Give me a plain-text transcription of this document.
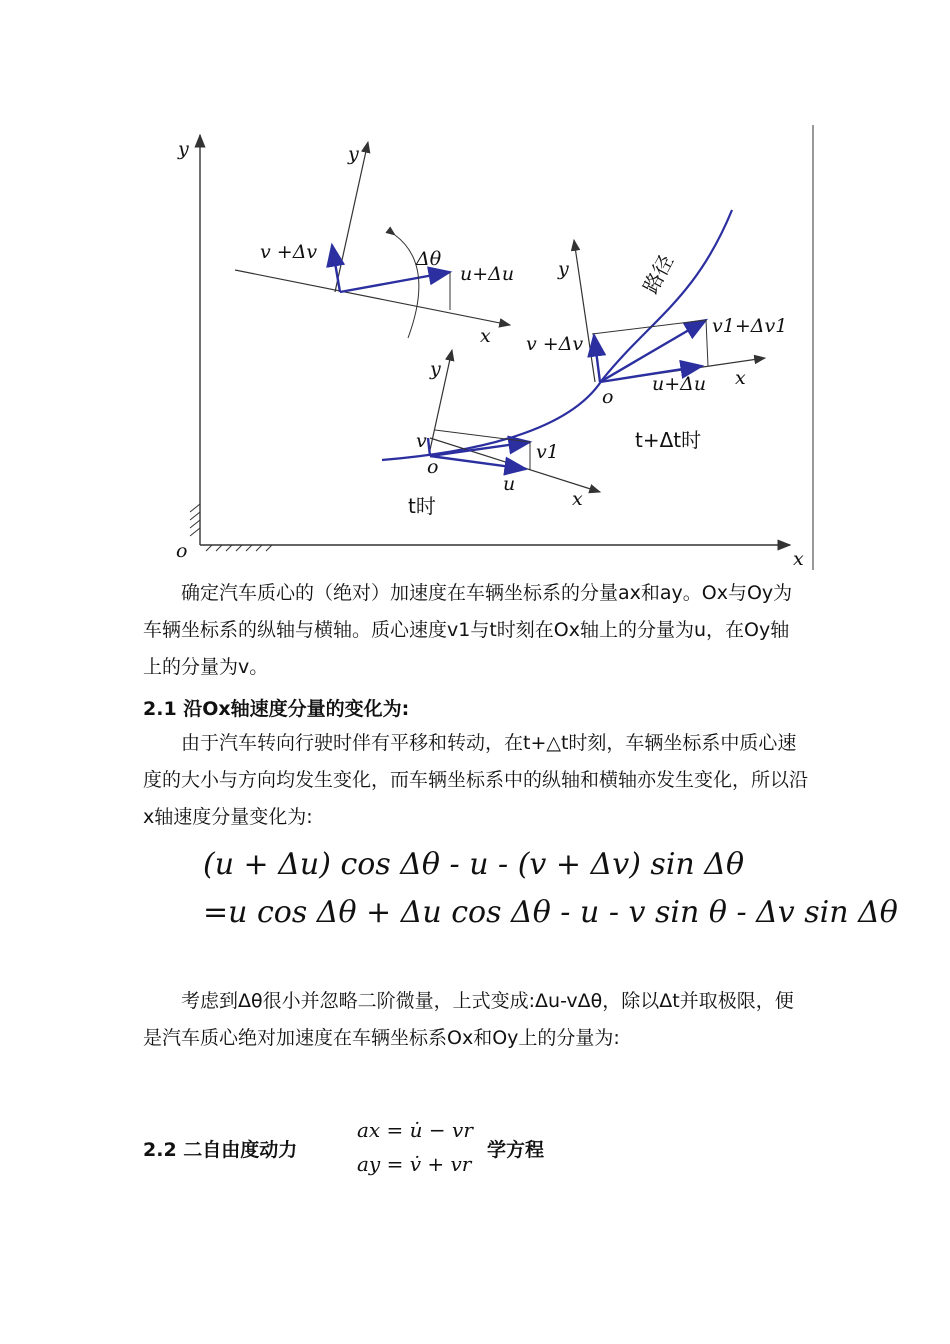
y
x
o
y
x
v +Δv
u+Δu
Δθ	路径
y
x
v
o
v1
u
t时
y
x
o
v +Δv
v1+Δv1
u+Δu
t+Δt时

确定汽车质心的（绝对）加速度在车辆坐标系的分量ax和ay。Ox与Oy为车辆坐标系的纵轴与横轴。质心速度v1与t时刻在Ox轴上的分量为u，在Oy轴上的分量为v。

2.1 沿Ox轴速度分量的变化为:

由于汽车转向行驶时伴有平移和转动，在t+△t时刻，车辆坐标系中质心速度的大小与方向均发生变化，而车辆坐标系中的纵轴和横轴亦发生变化，所以沿x轴速度分量变化为:

(u + Δu) cos Δθ - u - (v + Δv) sin Δθ
=u cos Δθ + Δu cos Δθ - u - v sin θ - Δv sin Δθ

考虑到Δθ很小并忽略二阶微量，上式变成:Δu-vΔθ，除以Δt并取极限，便是汽车质心绝对加速度在车辆坐标系Ox和Oy上的分量为:

2.2 二自由度动力

ax = u̇ − vr
ay = v̇ + vr

学方程
